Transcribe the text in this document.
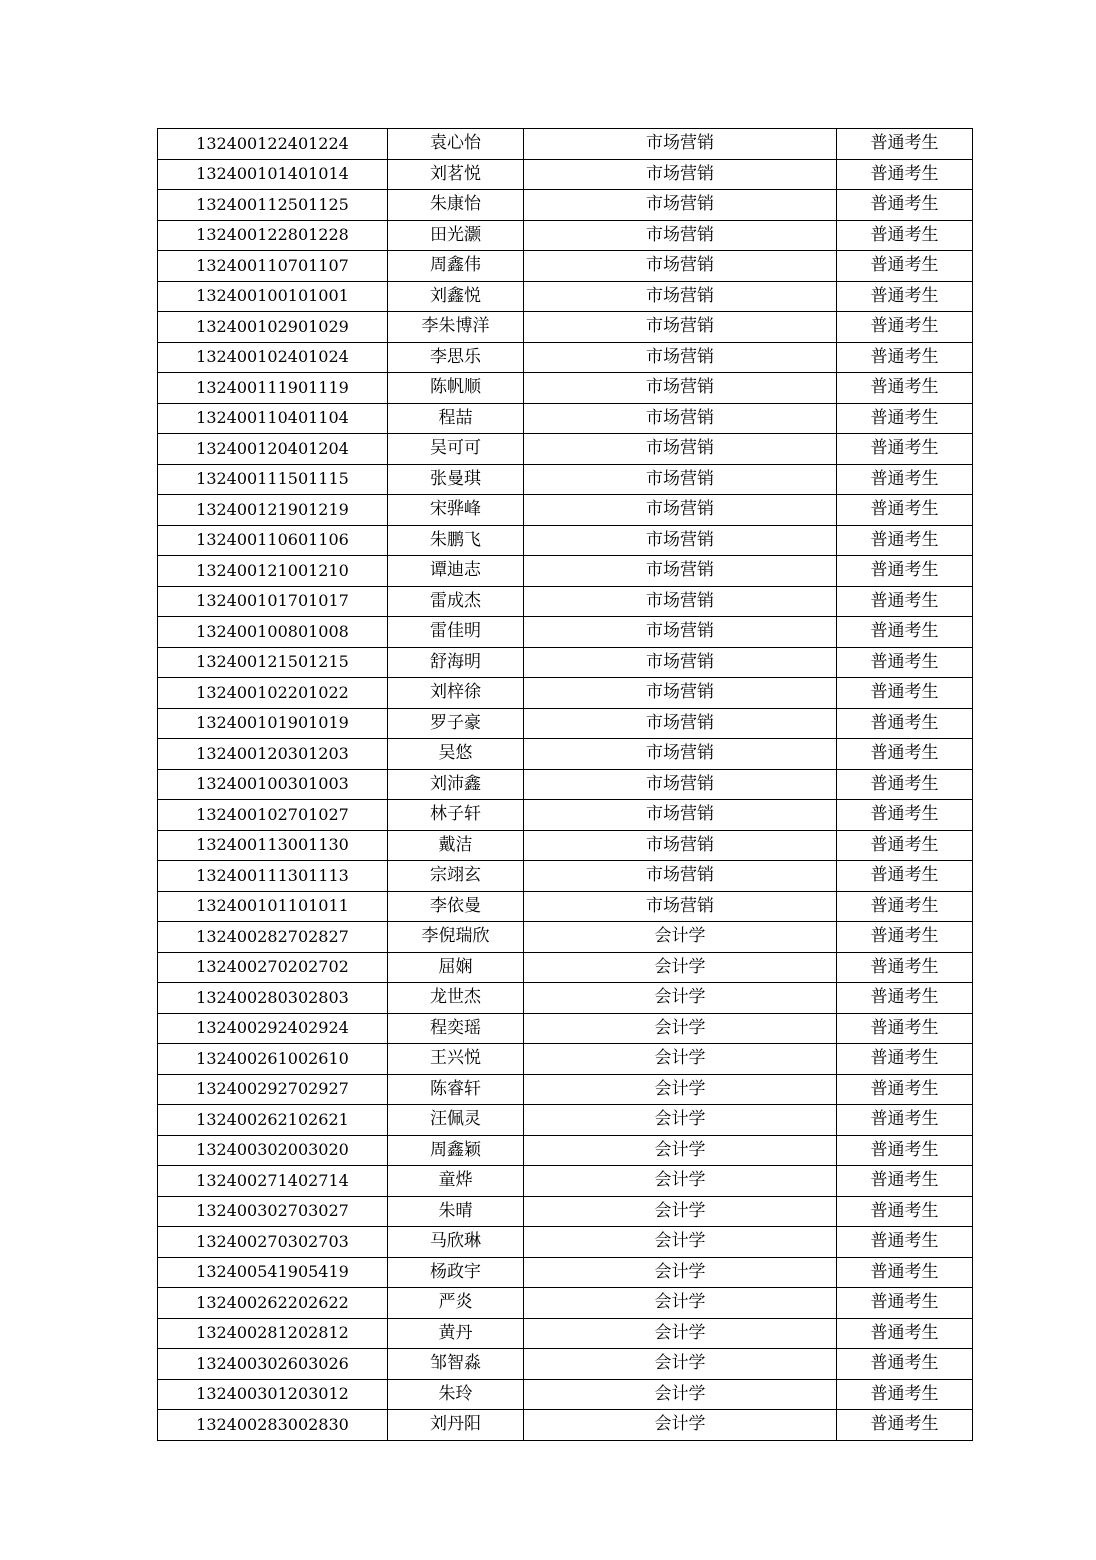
132400122401224	袁心怡	市场营销	普通考生
132400101401014	刘茗悦	市场营销	普通考生
132400112501125	朱康怡	市场营销	普通考生
132400122801228	田光灏	市场营销	普通考生
132400110701107	周鑫伟	市场营销	普通考生
132400100101001	刘鑫悦	市场营销	普通考生
132400102901029	李朱博洋	市场营销	普通考生
132400102401024	李思乐	市场营销	普通考生
132400111901119	陈帆顺	市场营销	普通考生
132400110401104	程喆	市场营销	普通考生
132400120401204	吴可可	市场营销	普通考生
132400111501115	张曼琪	市场营销	普通考生
132400121901219	宋骅峰	市场营销	普通考生
132400110601106	朱鹏飞	市场营销	普通考生
132400121001210	谭迪志	市场营销	普通考生
132400101701017	雷成杰	市场营销	普通考生
132400100801008	雷佳明	市场营销	普通考生
132400121501215	舒海明	市场营销	普通考生
132400102201022	刘梓徐	市场营销	普通考生
132400101901019	罗子豪	市场营销	普通考生
132400120301203	吴悠	市场营销	普通考生
132400100301003	刘沛鑫	市场营销	普通考生
132400102701027	林子轩	市场营销	普通考生
132400113001130	戴洁	市场营销	普通考生
132400111301113	宗翊玄	市场营销	普通考生
132400101101011	李依曼	市场营销	普通考生
132400282702827	李倪瑞欣	会计学	普通考生
132400270202702	屈娴	会计学	普通考生
132400280302803	龙世杰	会计学	普通考生
132400292402924	程奕瑶	会计学	普通考生
132400261002610	王兴悦	会计学	普通考生
132400292702927	陈睿轩	会计学	普通考生
132400262102621	汪佩灵	会计学	普通考生
132400302003020	周鑫颖	会计学	普通考生
132400271402714	童烨	会计学	普通考生
132400302703027	朱晴	会计学	普通考生
132400270302703	马欣琳	会计学	普通考生
132400541905419	杨政宇	会计学	普通考生
132400262202622	严炎	会计学	普通考生
132400281202812	黄丹	会计学	普通考生
132400302603026	邹智淼	会计学	普通考生
132400301203012	朱玲	会计学	普通考生
132400283002830	刘丹阳	会计学	普通考生
